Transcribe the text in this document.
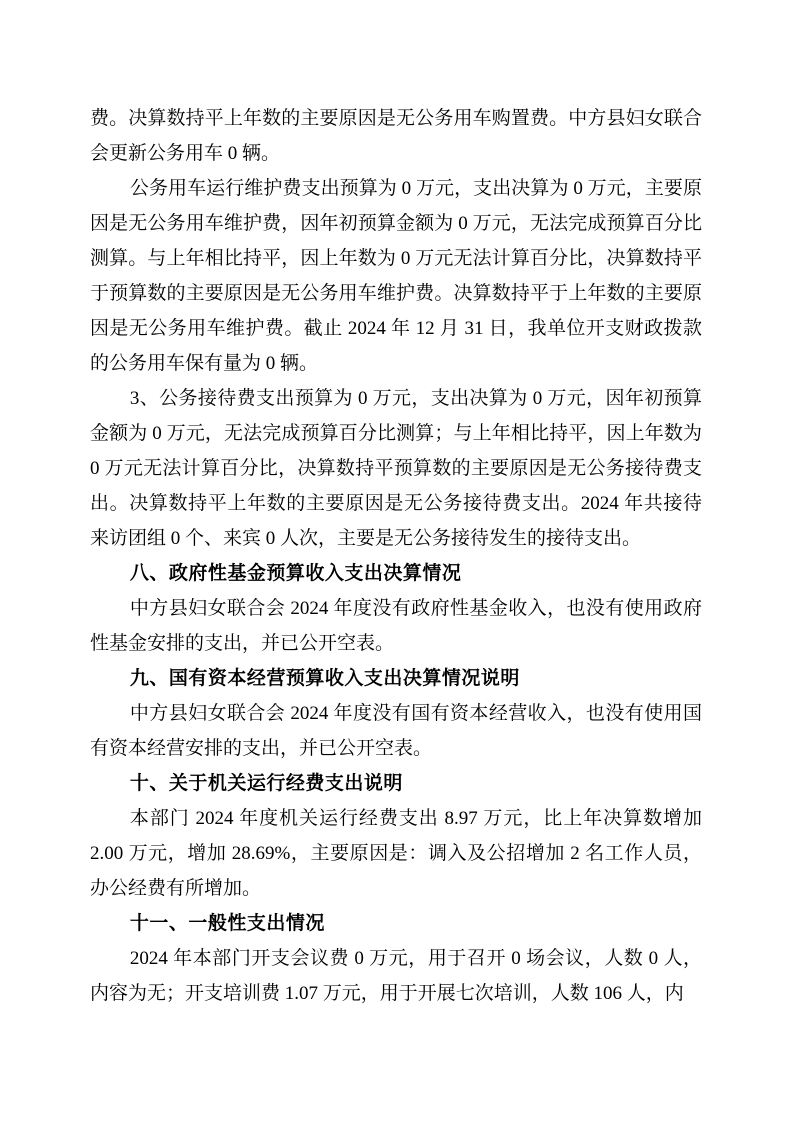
费。决算数持平上年数的主要原因是无公务用车购置费。中方县妇女联合会更新公务用车 0 辆。

公务用车运行维护费支出预算为 0 万元，支出决算为 0 万元，主要原因是无公务用车维护费，因年初预算金额为 0 万元，无法完成预算百分比测算。与上年相比持平，因上年数为 0 万元无法计算百分比，决算数持平于预算数的主要原因是无公务用车维护费。决算数持平于上年数的主要原因是无公务用车维护费。截止 2024 年 12 月 31 日，我单位开支财政拨款的公务用车保有量为 0 辆。

3、公务接待费支出预算为 0 万元，支出决算为 0 万元，因年初预算金额为 0 万元，无法完成预算百分比测算；与上年相比持平，因上年数为 0 万元无法计算百分比，决算数持平预算数的主要原因是无公务接待费支出。决算数持平上年数的主要原因是无公务接待费支出。2024 年共接待来访团组 0 个、来宾 0 人次，主要是无公务接待发生的接待支出。

八、政府性基金预算收入支出决算情况

中方县妇女联合会 2024 年度没有政府性基金收入，也没有使用政府性基金安排的支出，并已公开空表。

九、国有资本经营预算收入支出决算情况说明

中方县妇女联合会 2024 年度没有国有资本经营收入，也没有使用国有资本经营安排的支出，并已公开空表。

十、关于机关运行经费支出说明

本部门 2024 年度机关运行经费支出 8.97 万元，比上年决算数增加 2.00 万元，增加 28.69%，主要原因是：调入及公招增加 2 名工作人员，办公经费有所增加。

十一、一般性支出情况

2024 年本部门开支会议费 0 万元，用于召开 0 场会议，人数 0 人，内容为无；开支培训费 1.07 万元，用于开展七次培训，人数 106 人，内
